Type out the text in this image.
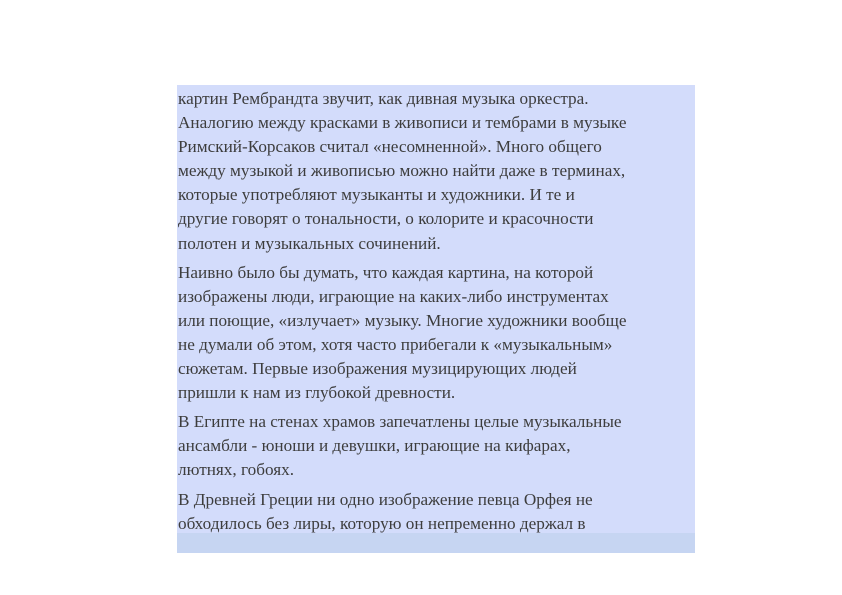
картин Рембрандта звучит, как дивная музыка оркестра.
Аналогию между красками в живописи и тембрами в музыке
Римский-Корсаков считал «несомненной». Много общего
между музыкой и живописью можно найти даже в терминах,
которые употребляют музыканты и художники. И те и
другие говорят о тональности, о колорите и красочности
полотен и музыкальных сочинений.

Наивно было бы думать, что каждая картина, на которой
изображены люди, играющие на каких-либо инструментах
или поющие, «излучает» музыку. Многие художники вообще
не думали об этом, хотя часто прибегали к «музыкальным»
сюжетам. Первые изображения музицирующих людей
пришли к нам из глубокой древности.

В Египте на стенах храмов запечатлены целые музыкальные
ансамбли - юноши и девушки, играющие на кифарах,
лютнях, гобоях.

В Древней Греции ни одно изображение певца Орфея не
обходилось без лиры, которую он непременно держал в
